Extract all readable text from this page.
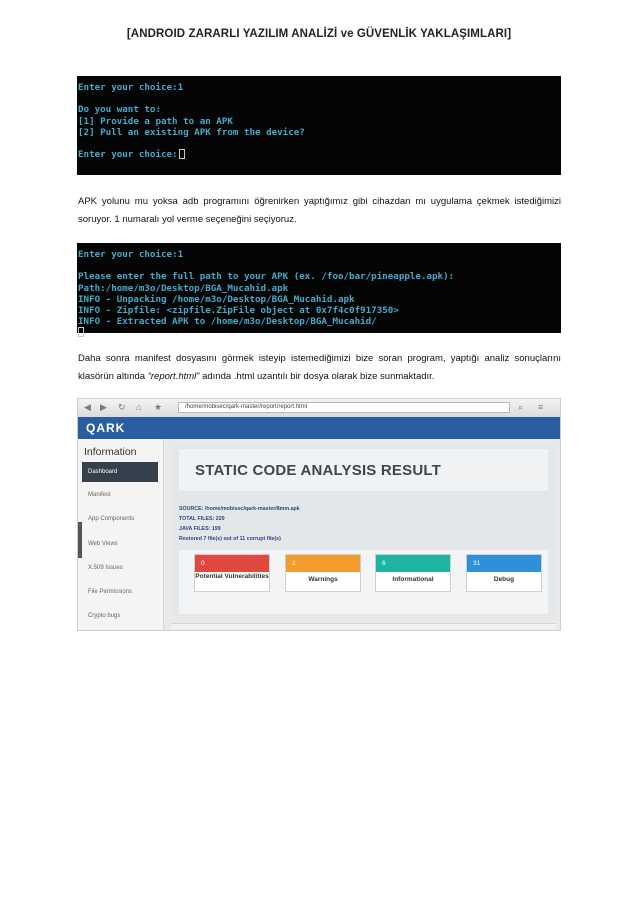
[ANDROID ZARARLI YAZILIM ANALİZİ ve GÜVENLİK YAKLAŞIMLARI]
Enter your choice:1
Do you want to:
[1] Provide a path to an APK
[2] Pull an existing APK from the device?
Enter your choice:
APK yolunu mu yoksa adb programını öğrenirken yaptığımız gibi cihazdan mı uygulama çekmek istediğimizi soruyor. 1 numaralı yol verme seçeneğini seçiyoruz.
Enter your choice:1
Please enter the full path to your APK (ex. /foo/bar/pineapple.apk):
Path:/home/m3o/Desktop/BGA_Mucahid.apk
INFO - Unpacking /home/m3o/Desktop/BGA_Mucahid.apk
INFO - Zipfile: <zipfile.ZipFile object at 0x7f4c0f917350>
INFO - Extracted APK to /home/m3o/Desktop/BGA_Mucahid/
Daha sonra manifest dosyasını görmek isteyip istemediğimizi bize soran program, yaptığı analiz sonuçlarını klasörün altında “report.html” adında .html uzantılı bir dosya olarak bize sunmaktadır.
◀ ▶ ↻ ⌂ ★	/home/mobisec/qark-master/report/report.html	⌕ ≡
QARK
Information
Dashboard
Manifest
App Components
Web Views
X.509 Issues
File Permissions
Crypto bugs
STATIC CODE ANALYSIS RESULT
SOURCE: /home/mobisec/qark-master/8mm.apk
TOTAL FILES: 220
JAVA FILES: 199
Restored 7 file(s) out of 11 corrupt file(s)
0
Potential Vulnerabilities
2
Warnings
6
Informational
31
Debug
